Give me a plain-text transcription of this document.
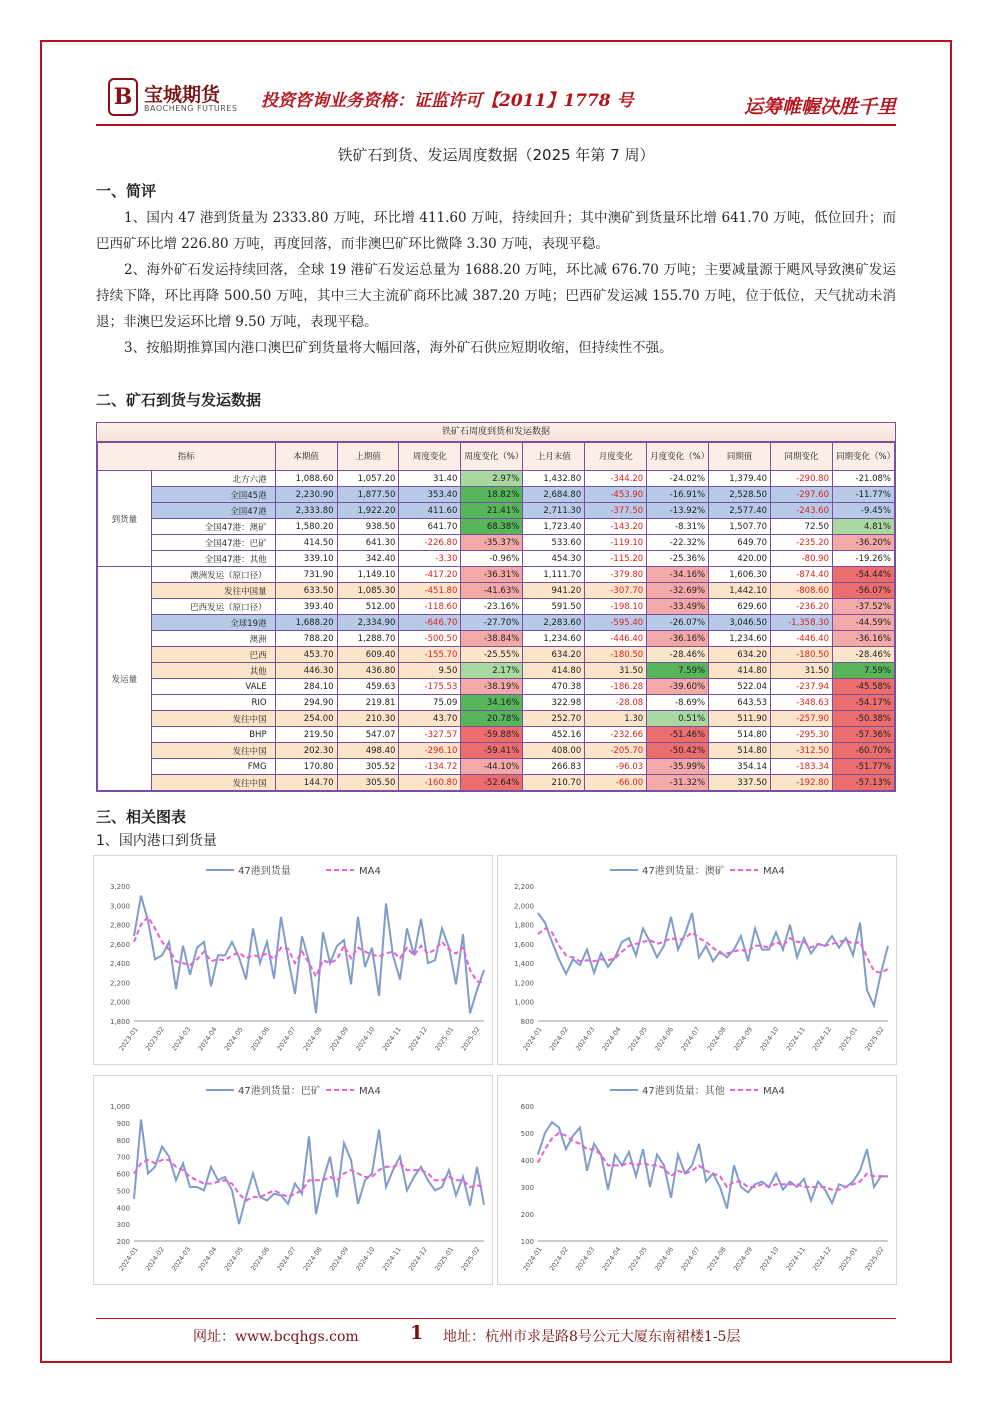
B 宝城期货
BAOCHENG FUTURES 投资咨询业务资格：证监许可【2011】1778 号	运筹帷幄决胜千里
铁矿石到货、发运周度数据（2025 年第 7 周）
一、简评
1、国内 47 港到货量为 2333.80 万吨，环比增 411.60 万吨，持续回升；其中澳矿到货量环比增 641.70 万吨，低位回升；而巴西矿环比增 226.80 万吨，再度回落，而非澳巴矿环比微降 3.30 万吨，表现平稳。
2、海外矿石发运持续回落，全球 19 港矿石发运总量为 1688.20 万吨，环比减 676.70 万吨；主要减量源于飓风导致澳矿发运持续下降，环比再降 500.50 万吨，其中三大主流矿商环比减 387.20 万吨；巴西矿发运减 155.70 万吨，位于低位，天气扰动未消退；非澳巴发运环比增 9.50 万吨，表现平稳。
3、按船期推算国内港口澳巴矿到货量将大幅回落，海外矿石供应短期收缩，但持续性不强。
二、矿石到货与发运数据
铁矿石周度到货和发运数据
指标		本期值	上期值	周度变化	周度变化（%）	上月末值	月度变化	月度变化（%）	同期值	同期变化	同期变化（%）
到货量	北方六港	1,088.60	1,057.20	31.40	2.97%	1,432.80	-344.20	-24.02%	1,379.40	-290.80	-21.08%
	全国45港	2,230.90	1,877.50	353.40	18.82%	2,684.80	-453.90	-16.91%	2,528.50	-297.60	-11.77%
	全国47港	2,333.80	1,922.20	411.60	21.41%	2,711.30	-377.50	-13.92%	2,577.40	-243.60	-9.45%
	全国47港：澳矿	1,580.20	938.50	641.70	68.38%	1,723.40	-143.20	-8.31%	1,507.70	72.50	4.81%
	全国47港：巴矿	414.50	641.30	-226.80	-35.37%	533.60	-119.10	-22.32%	649.70	-235.20	-36.20%
	全国47港：其他	339.10	342.40	-3.30	-0.96%	454.30	-115.20	-25.36%	420.00	-80.90	-19.26%
发运量	澳洲发运（原口径）	731.90	1,149.10	-417.20	-36.31%	1,111.70	-379.80	-34.16%	1,606.30	-874.40	-54.44%
	发往中国量	633.50	1,085.30	-451.80	-41.63%	941.20	-307.70	-32.69%	1,442.10	-808.60	-56.07%
	巴西发运（原口径）	393.40	512.00	-118.60	-23.16%	591.50	-198.10	-33.49%	629.60	-236.20	-37.52%
	全球19港	1,688.20	2,334.90	-646.70	-27.70%	2,283.60	-595.40	-26.07%	3,046.50	-1,358.30	-44.59%
	澳洲	788.20	1,288.70	-500.50	-38.84%	1,234.60	-446.40	-36.16%	1,234.60	-446.40	-36.16%
	巴西	453.70	609.40	-155.70	-25.55%	634.20	-180.50	-28.46%	634.20	-180.50	-28.46%
	其他	446.30	436.80	9.50	2.17%	414.80	31.50	7.59%	414.80	31.50	7.59%
	VALE	284.10	459.63	-175.53	-38.19%	470.38	-186.28	-39.60%	522.04	-237.94	-45.58%
	RIO	294.90	219.81	75.09	34.16%	322.98	-28.08	-8.69%	643.53	-348.63	-54.17%
	发往中国	254.00	210.30	43.70	20.78%	252.70	1.30	0.51%	511.90	-257.90	-50.38%
	BHP	219.50	547.07	-327.57	-59.88%	452.16	-232.66	-51.46%	514.80	-295.30	-57.36%
	发往中国	202.30	498.40	-296.10	-59.41%	408.00	-205.70	-50.42%	514.80	-312.50	-60.70%
	FMG	170.80	305.52	-134.72	-44.10%	266.83	-96.03	-35.99%	354.14	-183.34	-51.77%
	发往中国	144.70	305.50	-160.80	-52.64%	210.70	-66.00	-31.32%	337.50	-192.80	-57.13%
三、相关图表
1、国内港口到货量
47港到货量	MA4
1,800
2,000
2,200
2,400
2,600
2,800
3,000
3,200
2023-01 2023-02 2024-03 2024-04 2024-05 2024-06 2024-07 2024-08 2024-09 2024-10 2024-11 2024-12 2025-01 2025-02
47港到货量：澳矿	MA4
800
1,000
1,200
1,400
1,600
1,800
2,000
2,200
2024-01 2024-02 2024-03 2024-04 2024-05 2024-06 2024-07 2024-08 2024-09 2024-10 2024-11 2024-12 2025-01 2025-02
47港到货量：巴矿	MA4
200
300
400
500
600
700
800
900
1,000
2024-01 2024-02 2024-03 2024-04 2024-05 2024-06 2024-07 2024-08 2024-09 2024-10 2024-11 2024-12 2025-01 2025-02
47港到货量：其他	MA4
100
200
300
400
500
600
2024-01 2024-02 2024-03 2024-04 2024-05 2024-06 2024-07 2024-08 2024-09 2024-10 2024-11 2024-12 2025-01 2025-02
网址：www.bcqhgs.com	1 地址：杭州市求是路8号公元大厦东南裙楼1-5层
